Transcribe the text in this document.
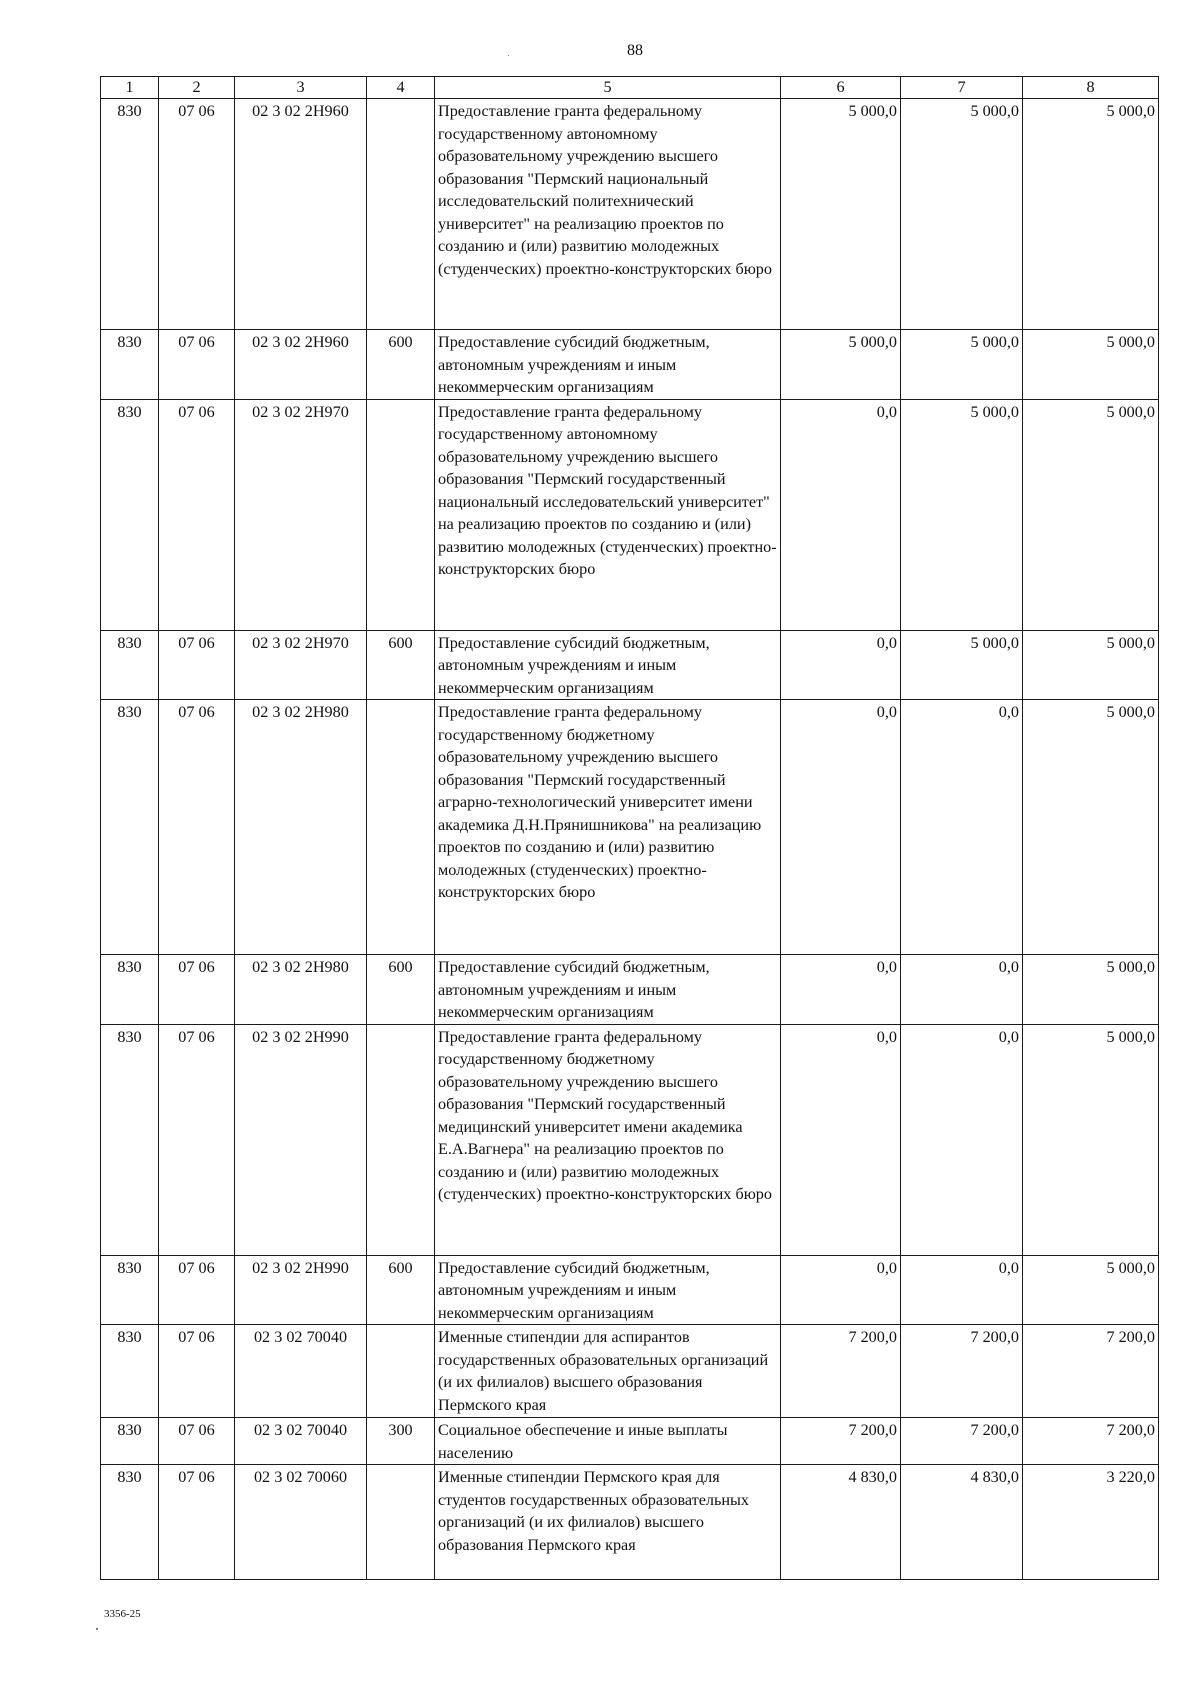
88
1	2	3	4	5	6	7	8
830	07 06	02 3 02 2Н960		Предоставление гранта федеральному государственному автономному образовательному учреждению высшего образования "Пермский национальный исследовательский политехнический университет" на реализацию проектов по созданию и (или) развитию молодежных (студенческих) проектно-конструкторских бюро	5 000,0	5 000,0	5 000,0
830	07 06	02 3 02 2Н960	600	Предоставление субсидий бюджетным, автономным учреждениям и иным некоммерческим организациям	5 000,0	5 000,0	5 000,0
830	07 06	02 3 02 2Н970		Предоставление гранта федеральному государственному автономному образовательному учреждению высшего образования "Пермский государственный национальный исследовательский университет" на реализацию проектов по созданию и (или) развитию молодежных (студенческих) проектно-конструкторских бюро	0,0	5 000,0	5 000,0
830	07 06	02 3 02 2Н970	600	Предоставление субсидий бюджетным, автономным учреждениям и иным некоммерческим организациям	0,0	5 000,0	5 000,0
830	07 06	02 3 02 2Н980		Предоставление гранта федеральному государственному бюджетному образовательному учреждению высшего образования "Пермский государственный аграрно-технологический университет имени академика Д.Н.Прянишникова" на реализацию проектов по созданию и (или) развитию молодежных (студенческих) проектно-конструкторских бюро	0,0	0,0	5 000,0
830	07 06	02 3 02 2Н980	600	Предоставление субсидий бюджетным, автономным учреждениям и иным некоммерческим организациям	0,0	0,0	5 000,0
830	07 06	02 3 02 2Н990		Предоставление гранта федеральному государственному бюджетному образовательному учреждению высшего образования "Пермский государственный медицинский университет имени академика Е.А.Вагнера" на реализацию проектов по созданию и (или) развитию молодежных (студенческих) проектно-конструкторских бюро	0,0	0,0	5 000,0
830	07 06	02 3 02 2Н990	600	Предоставление субсидий бюджетным, автономным учреждениям и иным некоммерческим организациям	0,0	0,0	5 000,0
830	07 06	02 3 02 70040		Именные стипендии для аспирантов государственных образовательных организаций (и их филиалов) высшего образования Пермского края	7 200,0	7 200,0	7 200,0
830	07 06	02 3 02 70040	300	Социальное обеспечение и иные выплаты населению	7 200,0	7 200,0	7 200,0
830	07 06	02 3 02 70060		Именные стипендии Пермского края для студентов государственных образовательных организаций (и их филиалов) высшего образования Пермского края	4 830,0	4 830,0	3 220,0
3356-25
